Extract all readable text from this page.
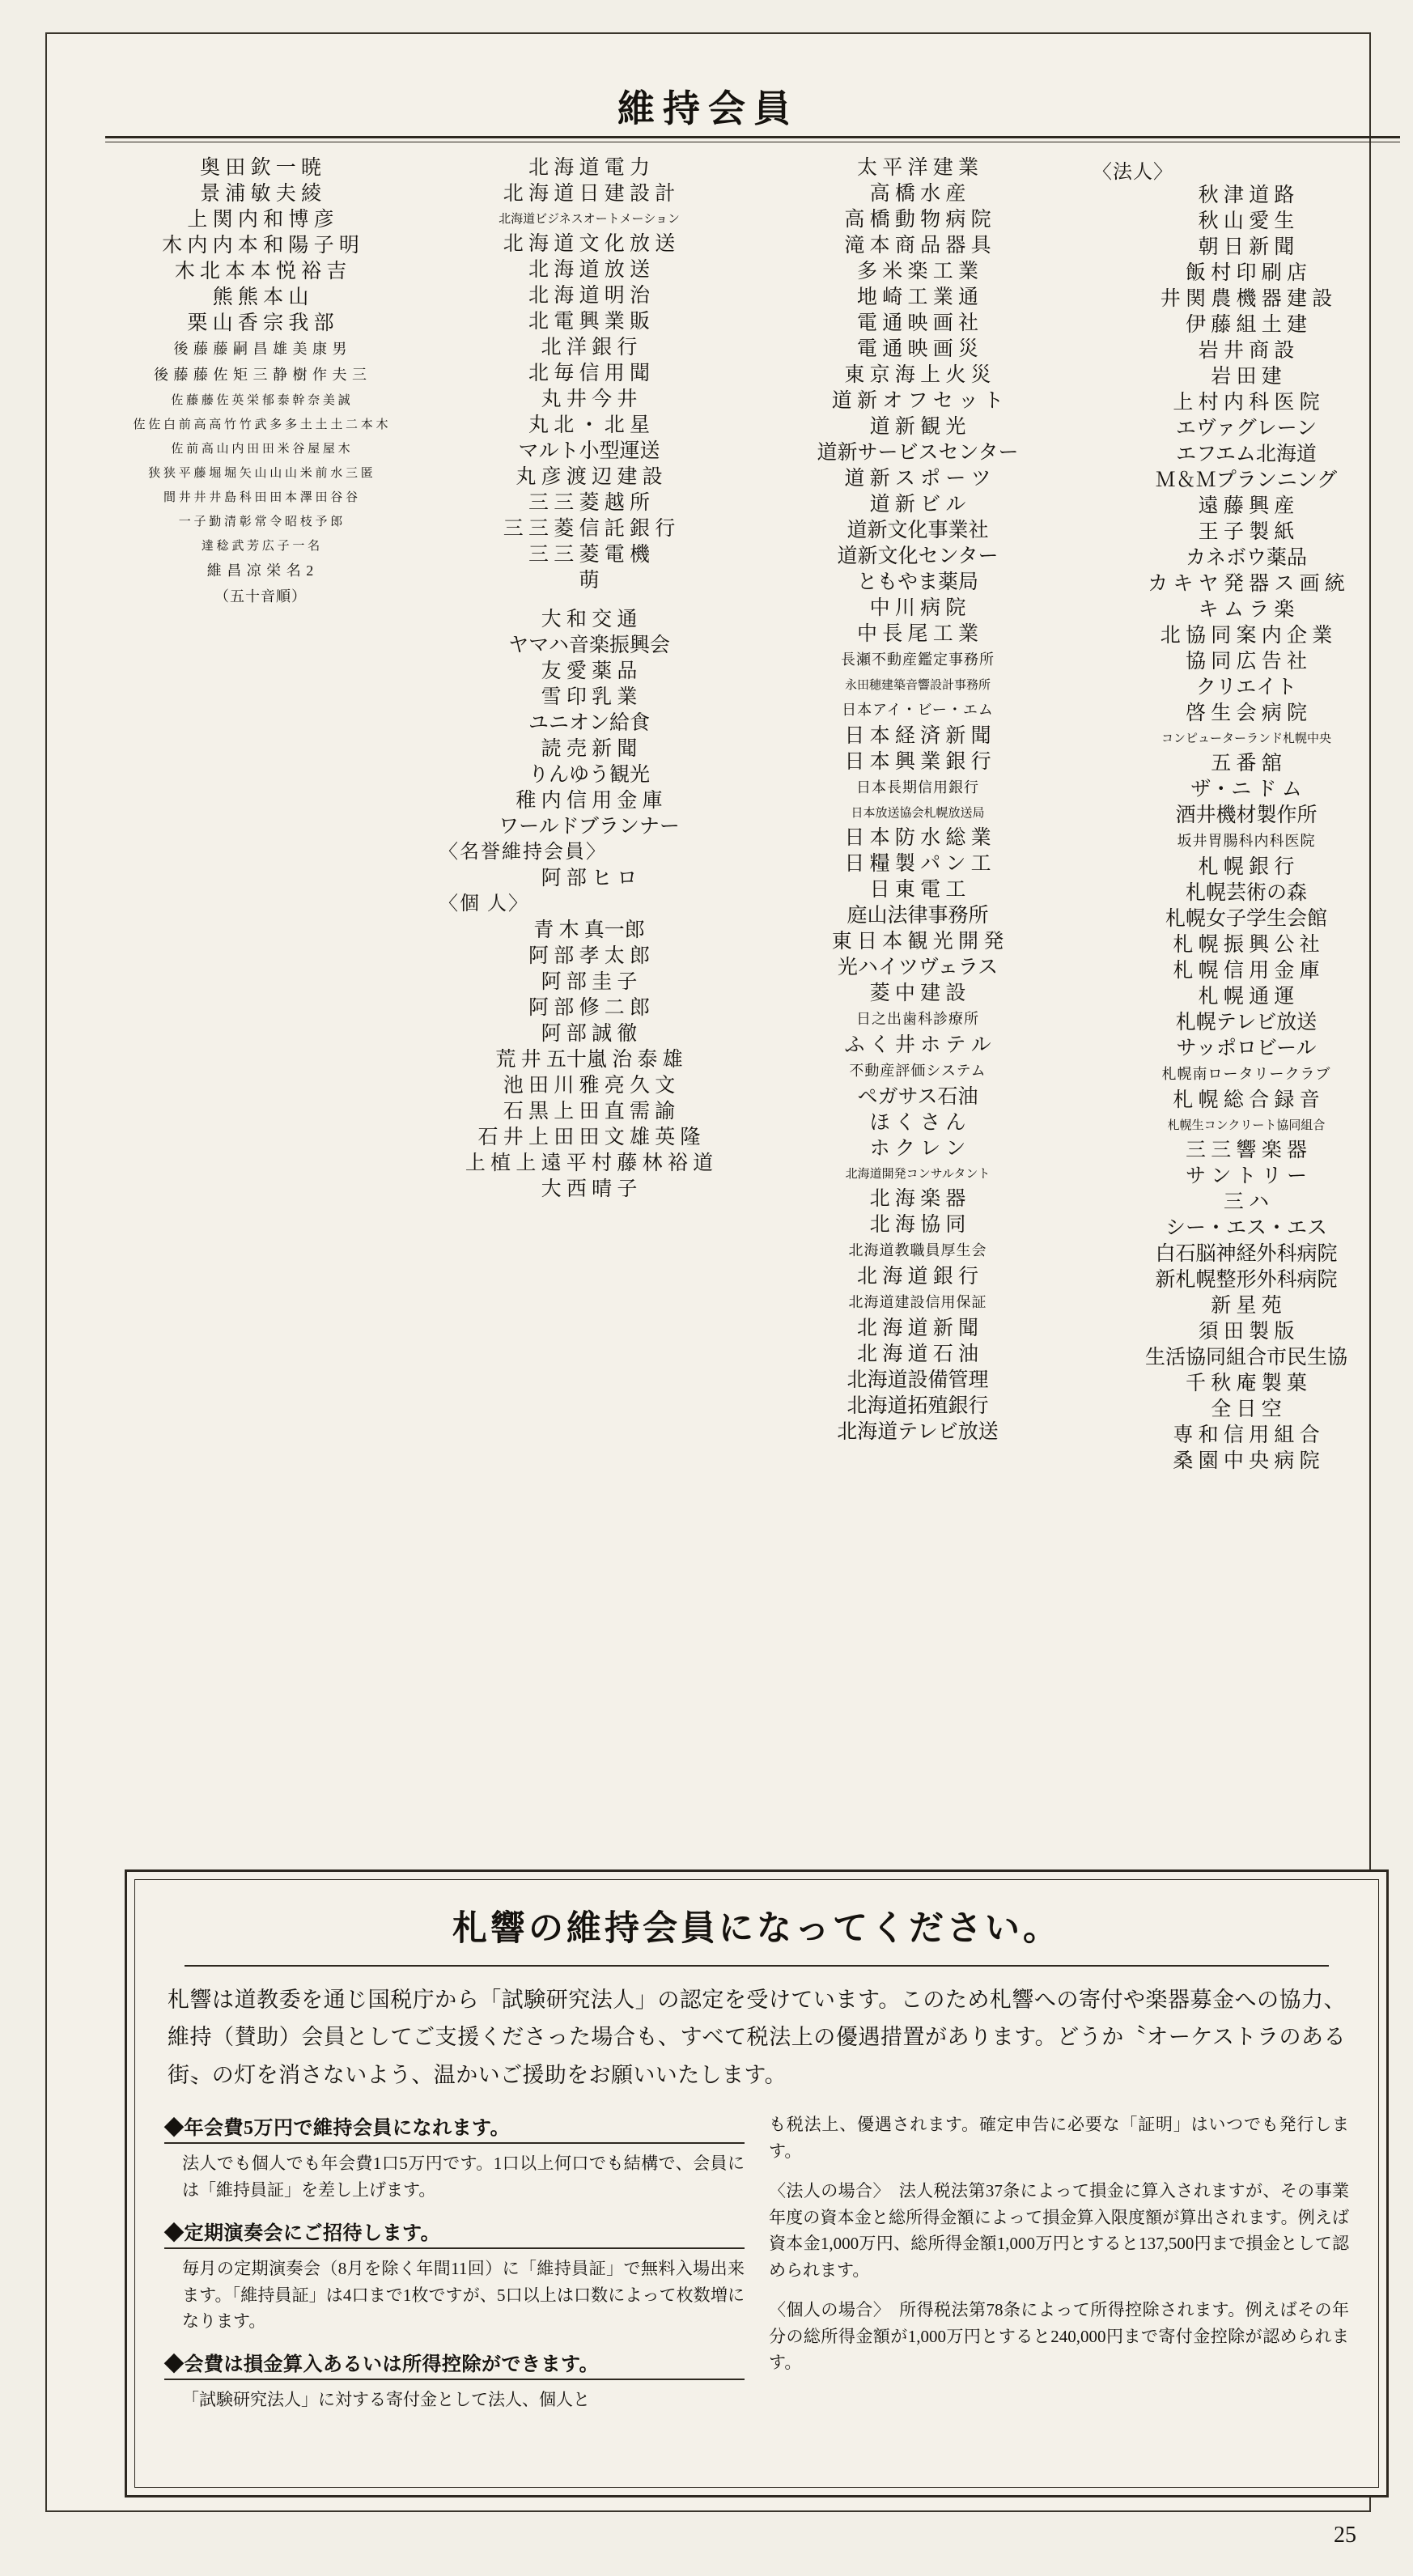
維持会員
〈法人〉
秋 津 道 路
秋 山 愛 生
朝 日 新 聞
飯 村 印 刷 店
井 関 農 機 器 建 設
伊 藤 組 土 建
岩 井 商 設
岩 田 建
上 村 内 科 医 院
エヴァグレーン
エフエム北海道
Ｍ＆Ｍプランニング
遠 藤 興 産
王 子 製 紙
カネボウ薬品
カ キ ヤ 発 器 ス 画 統
キ ム ラ 楽
北 協 同 案 内 企 業
協 同 広 告 社
クリエイト
啓 生 会 病 院
コンピューターランド札幌中央
五 番 舘
ザ・ニ ド ム
酒井機材製作所
坂井胃腸科内科医院
札 幌 銀 行
札幌芸術の森
札幌女子学生会館
札 幌 振 興 公 社
札 幌 信 用 金 庫
札 幌 通 運
札幌テレビ放送
サッポロビール
札幌南ロータリークラブ
札 幌 総 合 録 音
札幌生コンクリート協同組合
三 三 響 楽 器
サ ン ト リ ー
三 ハ
シー・エス・エス
白石脳神経外科病院
新札幌整形外科病院
新 星 苑
須 田 製 版
生活協同組合市民生協
千 秋 庵 製 菓
全 日 空
専 和 信 用 組 合
桑 園 中 央 病 院
太 平 洋 建 業
高 橋 水 産
高 橋 動 物 病 院
滝 本 商 品 器 具
多 米 楽 工 業
地 崎 工 業 通
電 通 映 画 社
電 通 映 画 災
東 京 海 上 火 災
道 新 オ フ セ ッ ト
道 新 観 光
道新サービスセンター
道 新 ス ポ ー ツ
道 新 ビ ル
道新文化事業社
道新文化センター
ともやま薬局
中 川 病 院
中 長 尾 工 業
長瀬不動産鑑定事務所
永田穂建築音響設計事務所
日本アイ・ビー・エム
日 本 経 済 新 聞
日 本 興 業 銀 行
日本長期信用銀行
日本放送協会札幌放送局
日 本 防 水 総 業
日 糧 製 パ ン 工
日 東 電 工
庭山法律事務所
東 日 本 観 光 開 発
光ハイツヴェラス
菱 中 建 設
日之出歯科診療所
ふ く 井 ホ テ ル
不動産評価システム
ペガサス石油
ほ く さ ん
ホ ク レ ン
北海道開発コンサルタント
北 海 楽 器
北 海 協 同
北海道教職員厚生会
北 海 道 銀 行
北海道建設信用保証
北 海 道 新 聞
北 海 道 石 油
北海道設備管理
北海道拓殖銀行
北海道テレビ放送
北 海 道 電 力
北 海 道 日 建 設 計
北海道ビジネスオートメーション
北 海 道 文 化 放 送
北 海 道 放 送
北 海 道 明 治
北 電 興 業 販
北 洋 銀 行
北 毎 信 用 聞
丸 井 今 井
丸 北 ・ 北 星
マルト小型運送
丸 彦 渡 辺 建 設
三 三 菱 越 所
三 三 菱 信 託 銀 行
三 三 菱 電 機
萌
大 和 交 通
ヤマハ音楽振興会
友 愛 薬 品
雪 印 乳 業
ユニオン給食
読 売 新 聞
りんゆう観光
稚 内 信 用 金 庫
ワールドブランナー
〈名誉維持会員〉
阿 部 ヒ ロ
〈個 人〉
青 木 真一郎
阿 部 孝 太 郎
阿 部 圭 子
阿 部 修 二 郎
阿 部 誠 徹
荒 井 五十嵐 治 泰 雄
池 田 川 雅 亮 久 文
石 黒 上 田 直 需 諭
石 井 上 田 田 文 雄 英 隆
上 植 上 遠 平 村 藤 林 裕 道
大 西 晴 子
奥 田 欽 一 暁
景 浦 敏 夫 綾
上 関 内 和 博 彦
木 内 内 本 和 陽 子 明
木 北 本 本 悦 裕 吉
熊 熊 本 山
栗 山 香 宗 我 部
後 藤 藤 嗣 昌 雄 美 康 男
後 藤 藤 佐 矩 三 静 樹 作 夫 三
佐 藤 藤 佐 英 栄 郁 泰 幹 奈 美 誠
佐 佐 白 前 高 高 竹 竹 武 多 多 土 土 土 二 本 木
佐 前 高 山 内 田 田 米 谷 屋 屋 木
狭 狭 平 藤 堀 堀 矢 山 山 山 米 前 水 三 匿
間 井 井 井 島 科 田 田 本 澤 田 谷 谷
一 子 勤 清 彰 常 令 昭 枝 予 郎
達 稔 武 芳 広 子 一 名
維 昌 凉 栄 名 2
（五十音順）
札響の維持会員になってください。
札響は道教委を通じ国税庁から「試験研究法人」の認定を受けています。このため札響への寄付や楽器募金への協力、維持（賛助）会員としてご支援くださった場合も、すべて税法上の優遇措置があります。どうか〝オーケストラのある街〟の灯を消さないよう、温かいご援助をお願いいたします。
◆年会費5万円で維持会員になれます。
法人でも個人でも年会費1口5万円です。1口以上何口でも結構で、会員には「維持員証」を差し上げます。
◆定期演奏会にご招待します。
毎月の定期演奏会（8月を除く年間11回）に「維持員証」で無料入場出来ます。「維持員証」は4口まで1枚ですが、5口以上は口数によって枚数増になります。
◆会費は損金算入あるいは所得控除ができます。
「試験研究法人」に対する寄付金として法人、個人と
も税法上、優遇されます。確定申告に必要な「証明」はいつでも発行します。
〈法人の場合〉　法人税法第37条によって損金に算入されますが、その事業年度の資本金と総所得金額によって損金算入限度額が算出されます。例えば資本金1,000万円、総所得金額1,000万円とすると137,500円まで損金として認められます。
〈個人の場合〉　所得税法第78条によって所得控除されます。例えばその年分の総所得金額が1,000万円とすると240,000円まで寄付金控除が認められます。
25
